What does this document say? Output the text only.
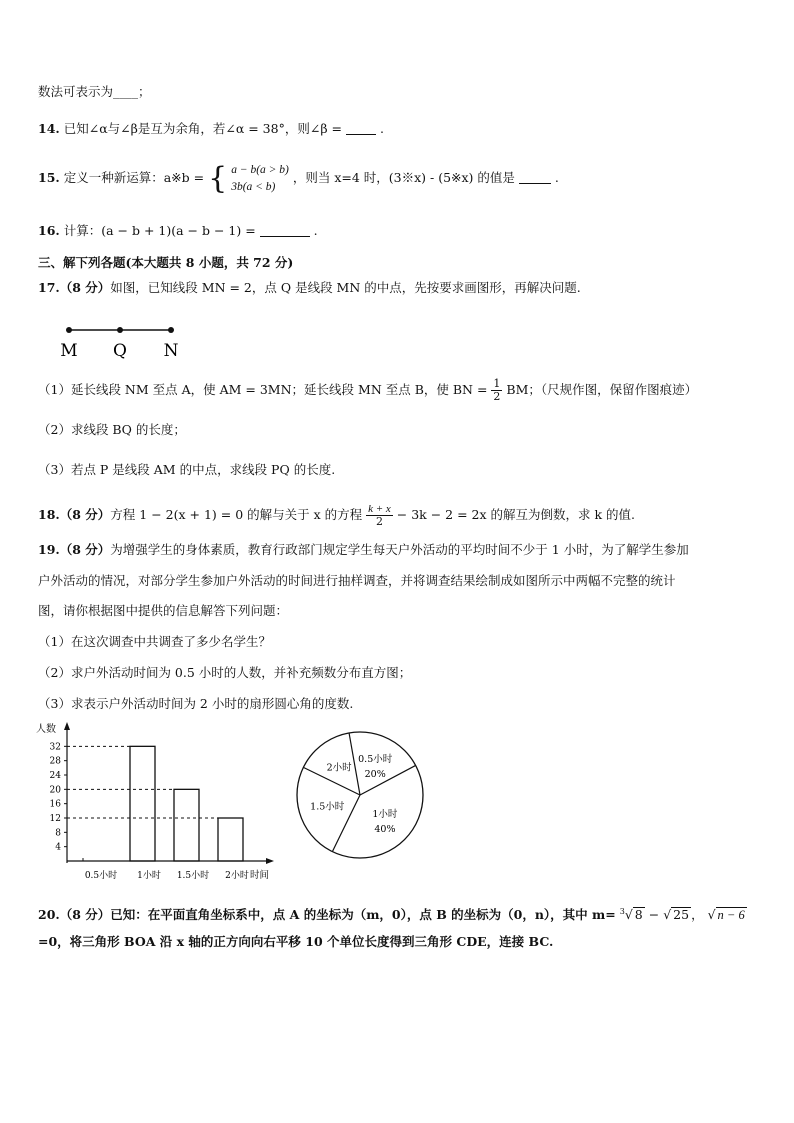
数法可表示为____；
14. 已知∠α与∠β是互为余角，若∠α = 38°，则∠β =	.
15. 定义一种新运算：a※b = { a − b(a > b)
3b(a < b)
，则当 x=4 时，(3※x) - (5※x) 的值是	.
16. 计算：(a − b + 1)(a − b − 1) =	.
三、解下列各题(本大题共 8 小题，共 72 分)
17.（8 分）如图，已知线段 MN = 2，点 Q 是线段 MN 的中点，先按要求画图形，再解决问题.
M Q N
（1）延长线段 NM 至点 A，使 AM = 3MN；延长线段 MN 至点 B，使 BN = $\frac{1}{2}$ BM；（尺规作图，保留作图痕迹）
（2）求线段 BQ 的长度；
（3）若点 P 是线段 AM 的中点，求线段 PQ 的长度.
18.（8 分）方程 1 − 2(x + 1) = 0 的解与关于 x 的方程 $\frac{k + x}{2} - 3k - 2 = 2x$ 的解互为倒数，求 k 的值.
19.（8 分）为增强学生的身体素质，教育行政部门规定学生每天户外活动的平均时间不少于 1 小时，为了解学生参加
户外活动的情况，对部分学生参加户外活动的时间进行抽样调查，并将调查结果绘制成如图所示中两幅不完整的统计
图，请你根据图中提供的信息解答下列问题：
（1）在这次调查中共调查了多少名学生？
（2）求户外活动时间为 0.5 小时的人数，并补充频数分布直方图；
（3）求表示户外活动时间为 2 小时的扇形圆心角的度数.
人数
时间
4
8
12
16
20
24
28
32
0.5小时 1小时 1.5小时 2小时
0.5小时
20%
1小时
40%
1.5小时
2小时
20.（8 分）已知：在平面直角坐标系中，点 A 的坐标为（m，0），点 B 的坐标为（0，n），其中 m= $^3$√ 8 − √ 25 ， √ n − 6
=0，将三角形 BOA 沿 x 轴的正方向向右平移 10 个单位长度得到三角形 CDE，连接 BC.
